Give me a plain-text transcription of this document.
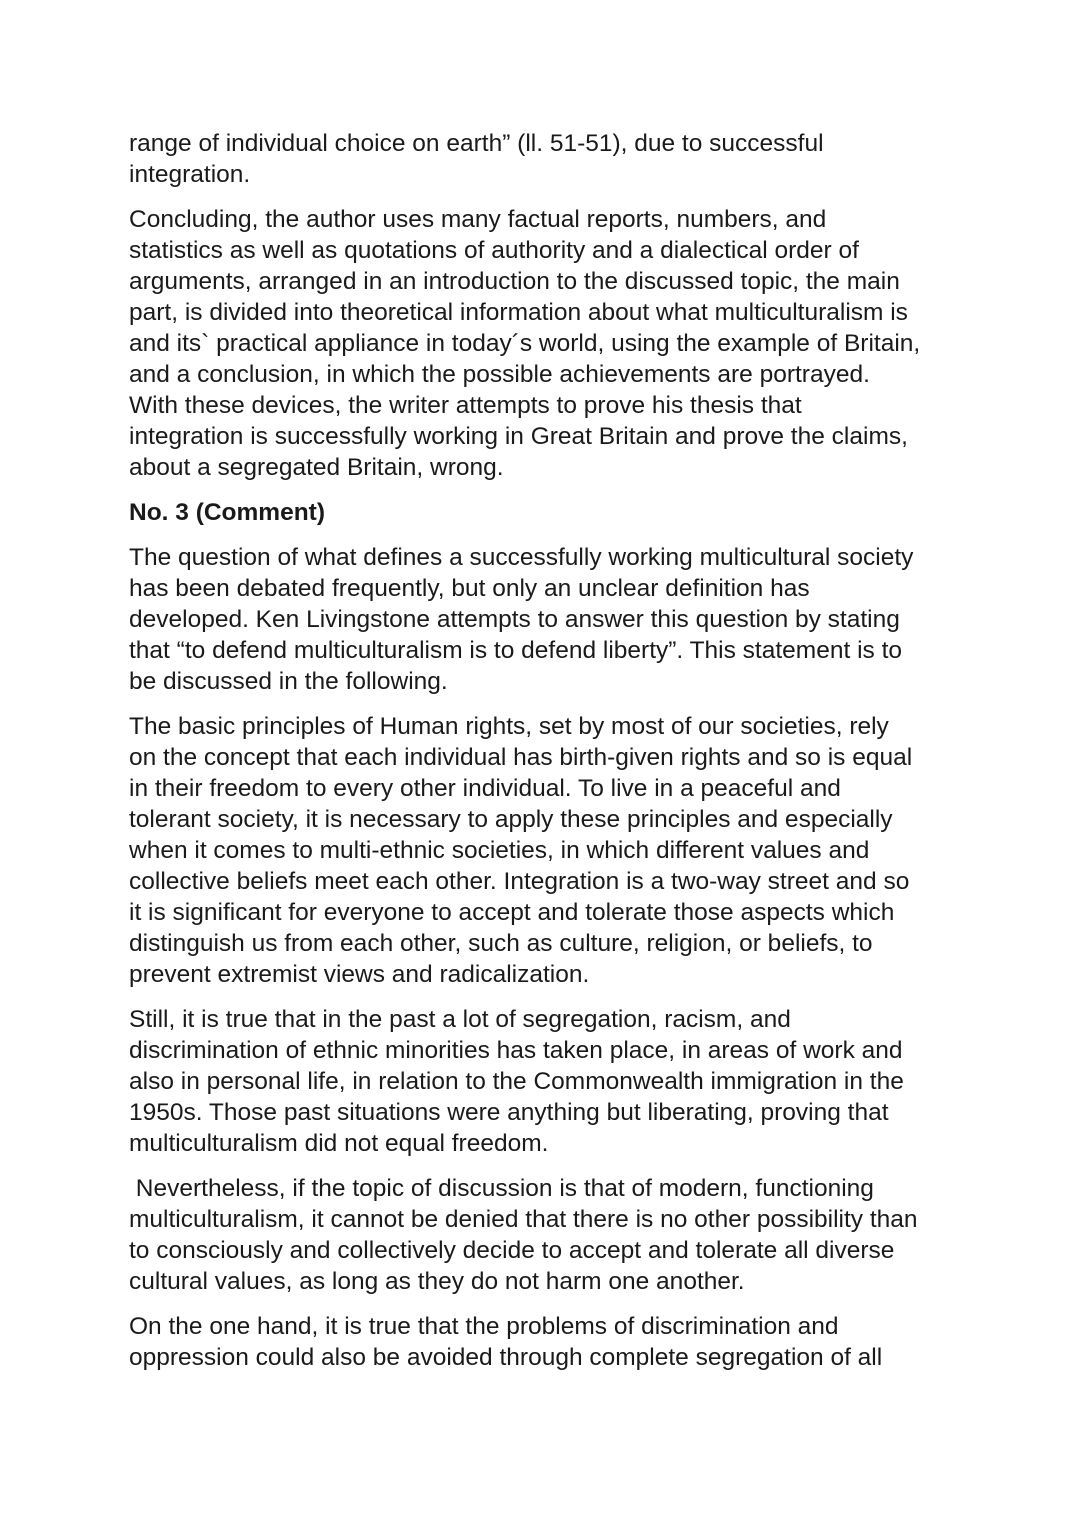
range of individual choice on earth” (ll. 51-51), due to successful
integration.

Concluding, the author uses many factual reports, numbers, and
statistics as well as quotations of authority and a dialectical order of
arguments, arranged in an introduction to the discussed topic, the main
part, is divided into theoretical information about what multiculturalism is
and its` practical appliance in today´s world, using the example of Britain,
and a conclusion, in which the possible achievements are portrayed.
With these devices, the writer attempts to prove his thesis that
integration is successfully working in Great Britain and prove the claims,
about a segregated Britain, wrong.

No. 3 (Comment)

The question of what defines a successfully working multicultural society
has been debated frequently, but only an unclear definition has
developed. Ken Livingstone attempts to answer this question by stating
that “to defend multiculturalism is to defend liberty”. This statement is to
be discussed in the following.

The basic principles of Human rights, set by most of our societies, rely
on the concept that each individual has birth-given rights and so is equal
in their freedom to every other individual. To live in a peaceful and
tolerant society, it is necessary to apply these principles and especially
when it comes to multi-ethnic societies, in which different values and
collective beliefs meet each other. Integration is a two-way street and so
it is significant for everyone to accept and tolerate those aspects which
distinguish us from each other, such as culture, religion, or beliefs, to
prevent extremist views and radicalization.

Still, it is true that in the past a lot of segregation, racism, and
discrimination of ethnic minorities has taken place, in areas of work and
also in personal life, in relation to the Commonwealth immigration in the
1950s. Those past situations were anything but liberating, proving that
multiculturalism did not equal freedom.

Nevertheless, if the topic of discussion is that of modern, functioning
multiculturalism, it cannot be denied that there is no other possibility than
to consciously and collectively decide to accept and tolerate all diverse
cultural values, as long as they do not harm one another.

On the one hand, it is true that the problems of discrimination and
oppression could also be avoided through complete segregation of all
